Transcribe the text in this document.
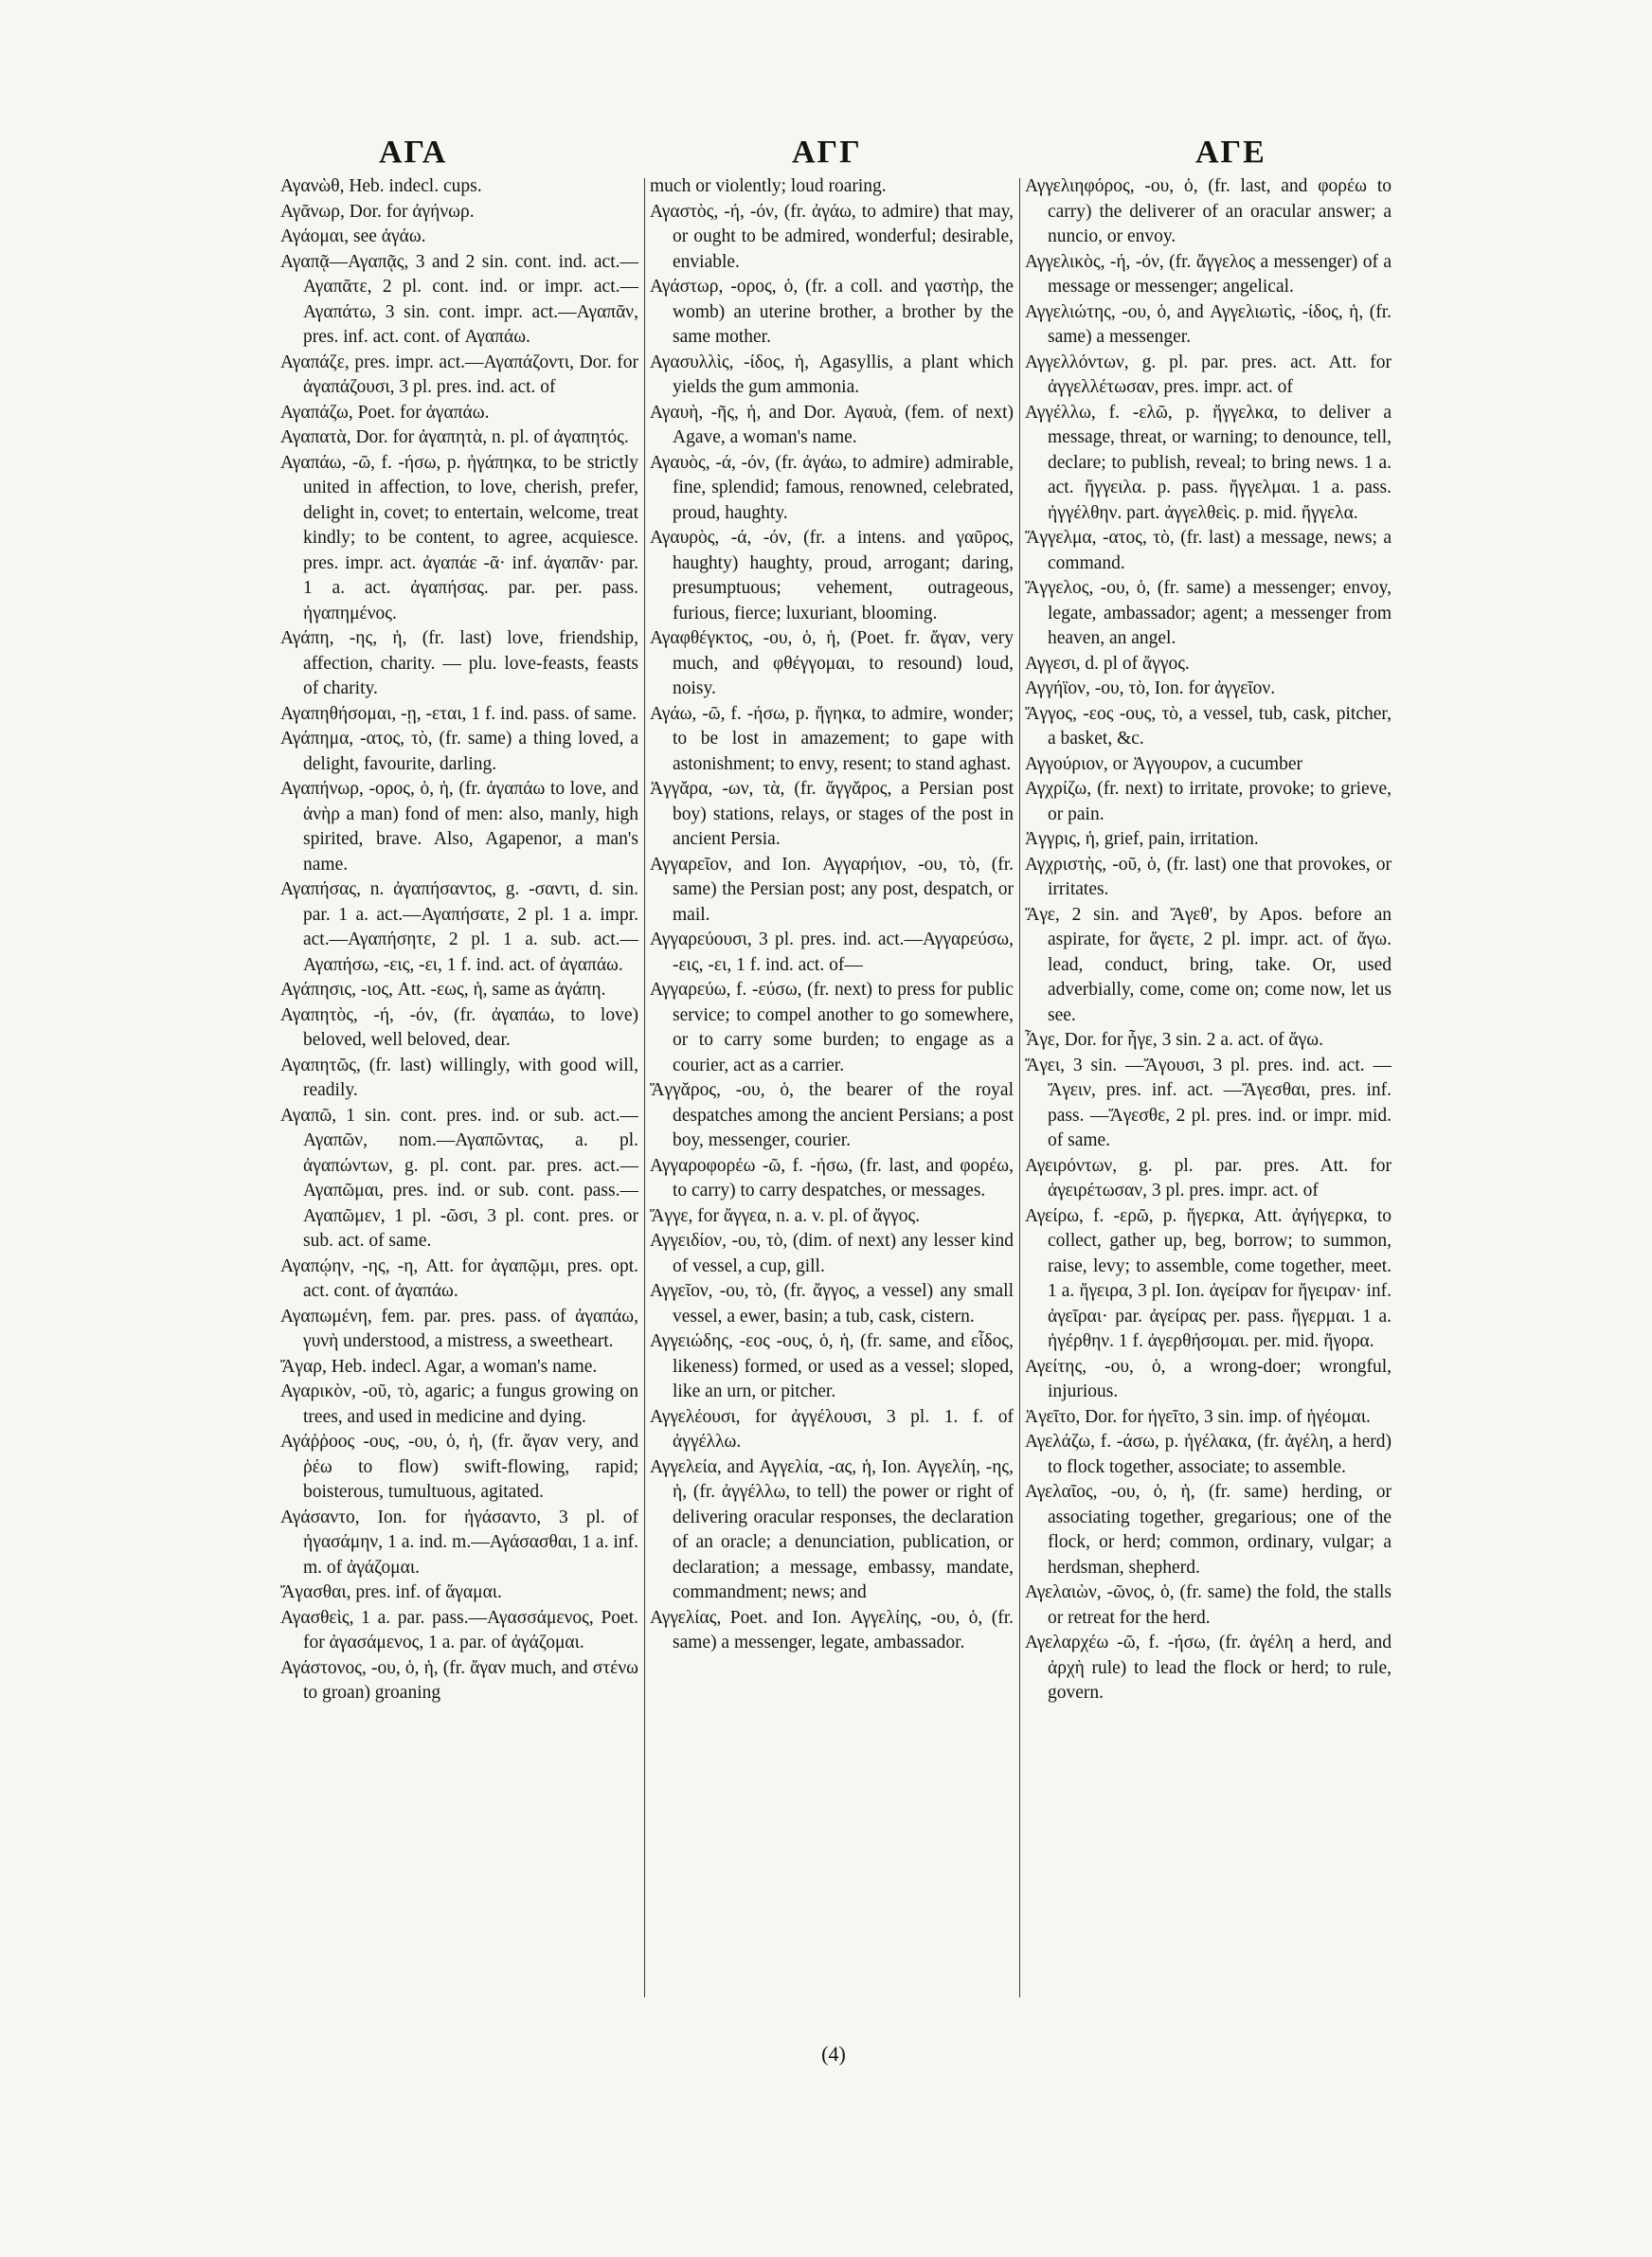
ΑΓΑ	ΑΓΓ	ΑΓΕ

Αγανὼθ, Heb. indecl. cups.

Αγᾶνωρ, Dor. for ἀγήνωρ.

Αγάομαι, see ἀγάω.

Αγαπᾷ—Αγαπᾷς, 3 and 2 sin. cont. ind. act.—Αγαπᾶτε, 2 pl. cont. ind. or impr. act.—Αγαπάτω, 3 sin. cont. impr. act.—Αγαπᾶν, pres. inf. act. cont. of Αγαπάω.

Αγαπάζε, pres. impr. act.—Αγαπάζοντι, Dor. for ἀγαπάζουσι, 3 pl. pres. ind. act. of

Αγαπάζω, Poet. for ἀγαπάω.

Αγαπατὰ, Dor. for ἀγαπητὰ, n. pl. of ἀγαπητός.

Αγαπάω, -ῶ, f. -ήσω, p. ἠγάπηκα, to be strictly united in affection, to love, cherish, prefer, delight in, covet; to entertain, welcome, treat kindly; to be content, to agree, acquiesce. pres. impr. act. ἀγαπάε -ᾶ· inf. ἀγαπᾶν· par. 1 a. act. ἀγαπήσας. par. per. pass. ἠγαπημένος.

Αγάπη, -ης, ἡ, (fr. last) love, friendship, affection, charity. — plu. love-feasts, feasts of charity.

Αγαπηθήσομαι, -ῃ, -εται, 1 f. ind. pass. of same.

Αγάπημα, -ατος, τὸ, (fr. same) a thing loved, a delight, favourite, darling.

Αγαπήνωρ, -ορος, ὁ, ἡ, (fr. ἀγαπάω to love, and ἀνὴρ a man) fond of men: also, manly, high spirited, brave. Also, Agapenor, a man's name.

Αγαπήσας, n. ἀγαπήσαντος, g. -σαντι, d. sin. par. 1 a. act.—Αγαπήσατε, 2 pl. 1 a. impr. act.—Αγαπήσητε, 2 pl. 1 a. sub. act.—Αγαπήσω, -εις, -ει, 1 f. ind. act. of ἀγαπάω.

Αγάπησις, -ιος, Att. -εως, ἡ, same as ἀγάπη.

Αγαπητὸς, -ή, -όν, (fr. ἀγαπάω, to love) beloved, well beloved, dear.

Αγαπητῶς, (fr. last) willingly, with good will, readily.

Αγαπῶ, 1 sin. cont. pres. ind. or sub. act.—Αγαπῶν, nom.—Αγαπῶντας, a. pl. ἀγαπώντων, g. pl. cont. par. pres. act.—Αγαπῶμαι, pres. ind. or sub. cont. pass.—Αγαπῶμεν, 1 pl. -ῶσι, 3 pl. cont. pres. or sub. act. of same.

Αγαπῴην, -ης, -η, Att. for ἀγαπῷμι, pres. opt. act. cont. of ἀγαπάω.

Αγαπωμένη, fem. par. pres. pass. of ἀγαπάω, γυνὴ understood, a mistress, a sweetheart.

Ἄγαρ, Heb. indecl. Agar, a woman's name.

Αγαρικὸν, -οῦ, τὸ, agaric; a fungus growing on trees, and used in medicine and dying.

Αγάῤῥοος -ους, -ου, ὁ, ἡ, (fr. ἄγαν very, and ῥέω to flow) swift-flowing, rapid; boisterous, tumultuous, agitated.

Αγάσαντο, Ion. for ἠγάσαντο, 3 pl. of ἠγασάμην, 1 a. ind. m.—Αγάσασθαι, 1 a. inf. m. of ἀγάζομαι.

Ἄγασθαι, pres. inf. of ἄγαμαι.

Αγασθεὶς, 1 a. par. pass.—Αγασσάμενος, Poet. for ἀγασάμενος, 1 a. par. of ἀγάζομαι.

Αγάστονος, -ου, ὁ, ἡ, (fr. ἄγαν much, and στένω to groan) groaning

much or violently; loud roaring.

Αγαστὸς, -ή, -όν, (fr. ἀγάω, to admire) that may, or ought to be admired, wonderful; desirable, enviable.

Αγάστωρ, -ορος, ὁ, (fr. a coll. and γαστὴρ, the womb) an uterine brother, a brother by the same mother.

Αγασυλλὶς, -ίδος, ἡ, Agasyllis, a plant which yields the gum ammonia.

Αγαυὴ, -ῆς, ἡ, and Dor. Αγαυὰ, (fem. of next) Agave, a woman's name.

Αγαυὸς, -ά, -όν, (fr. ἀγάω, to admire) admirable, fine, splendid; famous, renowned, celebrated, proud, haughty.

Αγαυρὸς, -ά, -όν, (fr. a intens. and γαῦρος, haughty) haughty, proud, arrogant; daring, presumptuous; vehement, outrageous, furious, fierce; luxuriant, blooming.

Αγαφθέγκτος, -ου, ὁ, ἡ, (Poet. fr. ἄγαν, very much, and φθέγγομαι, to resound) loud, noisy.

Αγάω, -ῶ, f. -ήσω, p. ἤγηκα, to admire, wonder; to be lost in amazement; to gape with astonishment; to envy, resent; to stand aghast.

Ἀγγᾰρα, -ων, τὰ, (fr. ἄγγᾰρος, a Persian post boy) stations, relays, or stages of the post in ancient Persia.

Αγγαρεῖον, and Ion. Αγγαρήιον, -ου, τὸ, (fr. same) the Persian post; any post, despatch, or mail.

Αγγαρεύουσι, 3 pl. pres. ind. act.—Αγγαρεύσω, -εις, -ει, 1 f. ind. act. of—

Αγγαρεύω, f. -εύσω, (fr. next) to press for public service; to compel another to go somewhere, or to carry some burden; to engage as a courier, act as a carrier.

Ἄγγᾰρος, -ου, ὁ, the bearer of the royal despatches among the ancient Persians; a post boy, messenger, courier.

Αγγαροφορέω -ῶ, f. -ήσω, (fr. last, and φορέω, to carry) to carry despatches, or messages.

Ἄγγε, for ἄγγεα, n. a. v. pl. of ἄγγος.

Αγγειδίον, -ου, τὸ, (dim. of next) any lesser kind of vessel, a cup, gill.

Αγγεῖον, -ου, τὸ, (fr. ἄγγος, a vessel) any small vessel, a ewer, basin; a tub, cask, cistern.

Αγγειώδης, -εος -ους, ὁ, ἡ, (fr. same, and εἶδος, likeness) formed, or used as a vessel; sloped, like an urn, or pitcher.

Αγγελέουσι, for ἀγγέλουσι, 3 pl. 1. f. of ἀγγέλλω.

Αγγελεία, and Αγγελία, -ας, ἡ, Ion. Αγγελίη, -ης, ἡ, (fr. ἀγγέλλω, to tell) the power or right of delivering oracular responses, the declaration of an oracle; a denunciation, publication, or declaration; a message, embassy, mandate, commandment; news; and

Αγγελίας, Poet. and Ion. Αγγελίης, -ου, ὁ, (fr. same) a messenger, legate, ambassador.

Αγγελιηφόρος, -ου, ὁ, (fr. last, and φορέω to carry) the deliverer of an oracular answer; a nuncio, or envoy.

Αγγελικὸς, -ή, -όν, (fr. ἄγγελος a messenger) of a message or messenger; angelical.

Αγγελιώτης, -ου, ὁ, and Αγγελιωτὶς, -ίδος, ἡ, (fr. same) a messenger.

Αγγελλόντων, g. pl. par. pres. act. Att. for ἀγγελλέτωσαν, pres. impr. act. of

Αγγέλλω, f. -ελῶ, p. ἤγγελκα, to deliver a message, threat, or warning; to denounce, tell, declare; to publish, reveal; to bring news. 1 a. act. ἤγγειλα. p. pass. ἤγγελμαι. 1 a. pass. ἠγγέλθην. part. ἀγγελθεὶς. p. mid. ἤγγελα.

Ἄγγελμα, -ατος, τὸ, (fr. last) a message, news; a command.

Ἄγγελος, -ου, ὁ, (fr. same) a messenger; envoy, legate, ambassador; agent; a messenger from heaven, an angel.

Αγγεσι, d. pl of ἄγγος.

Αγγήϊον, -ου, τὸ, Ion. for ἀγγεῖον.

Ἄγγος, -εος -ους, τὸ, a vessel, tub, cask, pitcher, a basket, &c.

Αγγούριον, or Ἀγγουρον, a cucumber

Αγχρίζω, (fr. next) to irritate, provoke; to grieve, or pain.

Ἀγγρις, ἡ, grief, pain, irritation.

Αγχριστὴς, -οῦ, ὁ, (fr. last) one that provokes, or irritates.

Ἄγε, 2 sin. and Ἄγεθ', by Apos. before an aspirate, for ἄγετε, 2 pl. impr. act. of ἄγω. lead, conduct, bring, take. Or, used adverbially, come, come on; come now, let us see.

Ἆγε, Dor. for ἦγε, 3 sin. 2 a. act. of ἄγω.

Ἄγει, 3 sin. —Ἄγουσι, 3 pl. pres. ind. act. —Ἄγειν, pres. inf. act. —Ἄγεσθαι, pres. inf. pass. —Ἄγεσθε, 2 pl. pres. ind. or impr. mid. of same.

Αγειρόντων, g. pl. par. pres. Att. for ἀγειρέτωσαν, 3 pl. pres. impr. act. of

Αγείρω, f. -ερῶ, p. ἤγερκα, Att. ἀγήγερκα, to collect, gather up, beg, borrow; to summon, raise, levy; to assemble, come together, meet. 1 a. ἤγειρα, 3 pl. Ion. ἀγείραν for ἤγειραν· inf. ἀγεῖραι· par. ἀγείρας per. pass. ἤγερμαι. 1 a. ἠγέρθην. 1 f. ἀγερθήσομαι. per. mid. ἤγορα.

Αγείτης, -ου, ὁ, a wrong-doer; wrongful, injurious.

Ἀγεῖτο, Dor. for ἡγεῖτο, 3 sin. imp. of ἡγέομαι.

Αγελάζω, f. -άσω, p. ἠγέλακα, (fr. ἀγέλη, a herd) to flock together, associate; to assemble.

Αγελαῖος, -ου, ὁ, ἡ, (fr. same) herding, or associating together, gregarious; one of the flock, or herd; common, ordinary, vulgar; a herdsman, shepherd.

Αγελαιὼν, -ῶνος, ὁ, (fr. same) the fold, the stalls or retreat for the herd.

Αγελαρχέω -ῶ, f. -ήσω, (fr. ἀγέλη a herd, and ἀρχὴ rule) to lead the flock or herd; to rule, govern.

(4)
